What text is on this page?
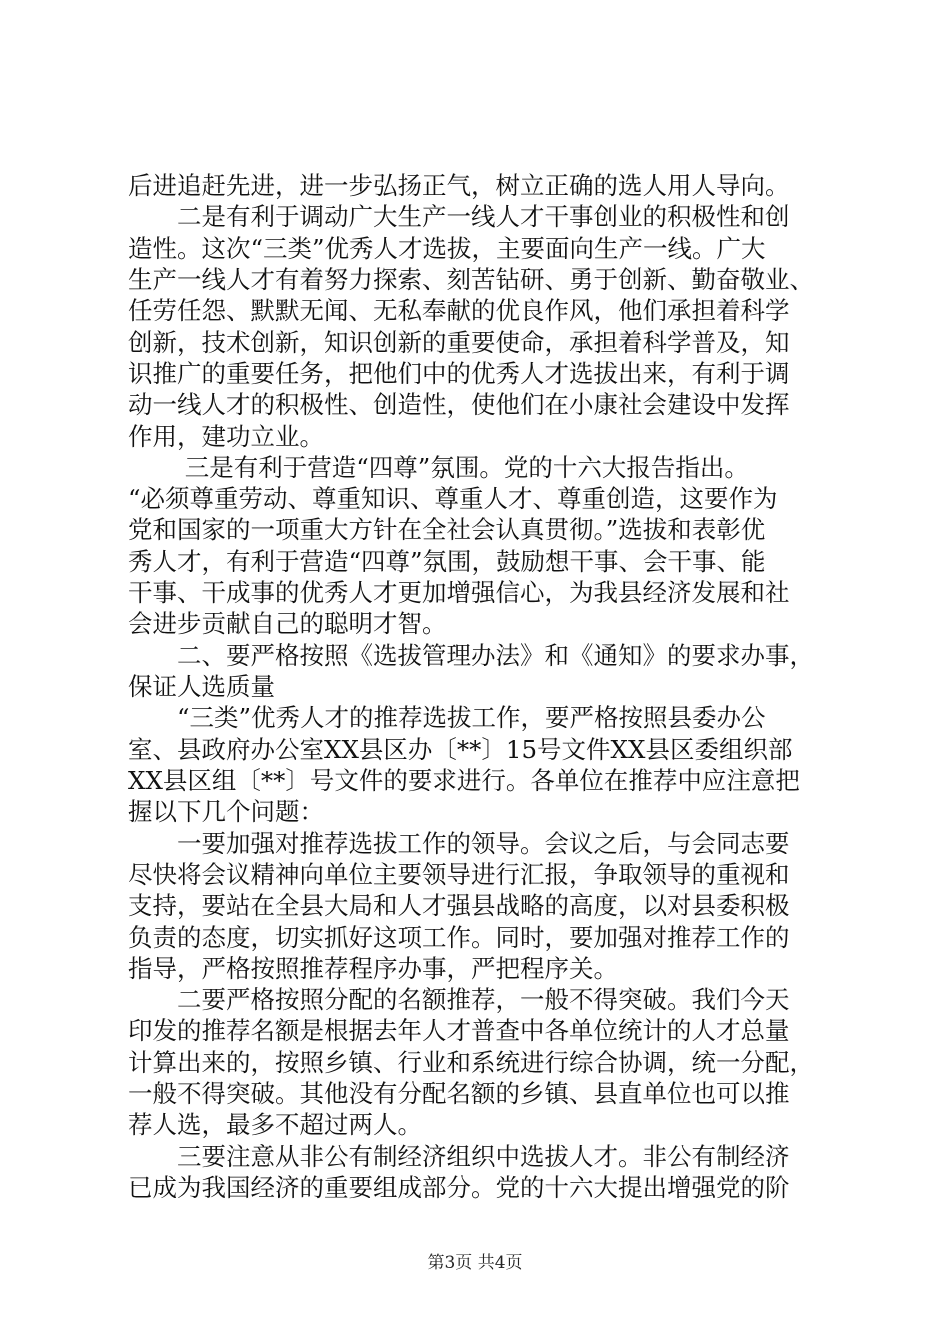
后进追赶先进，进一步弘扬正气，树立正确的选人用人导向。
　　二是有利于调动广大生产一线人才干事创业的积极性和创
造性。这次“三类”优秀人才选拔，主要面向生产一线。广大
生产一线人才有着努力探索、刻苦钻研、勇于创新、勤奋敬业、
任劳任怨、默默无闻、无私奉献的优良作风，他们承担着科学
创新，技术创新，知识创新的重要使命，承担着科学普及，知
识推广的重要任务，把他们中的优秀人才选拔出来，有利于调
动一线人才的积极性、创造性，使他们在小康社会建设中发挥
作用，建功立业。
　　 三是有利于营造“四尊”氛围。党的十六大报告指出。
“必须尊重劳动、尊重知识、尊重人才、尊重创造，这要作为
党和国家的一项重大方针在全社会认真贯彻。”选拔和表彰优
秀人才，有利于营造“四尊”氛围，鼓励想干事、会干事、能
干事、干成事的优秀人才更加增强信心，为我县经济发展和社
会进步贡献自己的聪明才智。
　　二、要严格按照《选拔管理办法》和《通知》的要求办事，
保证人选质量
　　“三类”优秀人才的推荐选拔工作，要严格按照县委办公
室、县政府办公室XX县区办〔**〕15号文件XX县区委组织部
XX县区组〔**〕号文件的要求进行。各单位在推荐中应注意把
握以下几个问题：
　　一要加强对推荐选拔工作的领导。会议之后，与会同志要
尽快将会议精神向单位主要领导进行汇报，争取领导的重视和
支持，要站在全县大局和人才强县战略的高度，以对县委积极
负责的态度，切实抓好这项工作。同时，要加强对推荐工作的
指导，严格按照推荐程序办事，严把程序关。
　　二要严格按照分配的名额推荐，一般不得突破。我们今天
印发的推荐名额是根据去年人才普查中各单位统计的人才总量
计算出来的，按照乡镇、行业和系统进行综合协调，统一分配，
一般不得突破。其他没有分配名额的乡镇、县直单位也可以推
荐人选，最多不超过两人。
　　三要注意从非公有制经济组织中选拔人才。非公有制经济
已成为我国经济的重要组成部分。党的十六大提出增强党的阶
第3页 共4页
